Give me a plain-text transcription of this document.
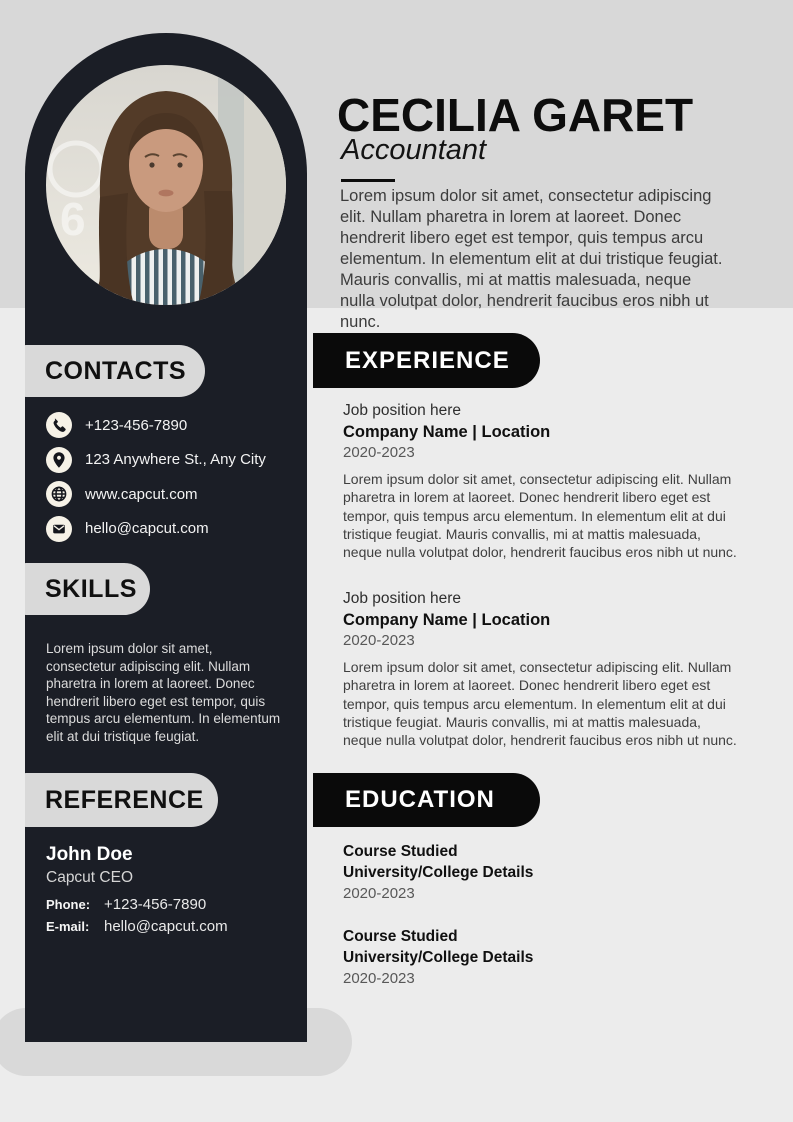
6
CONTACTS
+123-456-7890
123 Anywhere St., Any City
www.capcut.com
hello@capcut.com
SKILLS

Lorem ipsum dolor sit amet, consectetur adipiscing elit. Nullam pharetra in lorem at laoreet. Donec hendrerit libero eget est tempor, quis tempus arcu elementum. In elementum elit at dui tristique feugiat.

REFERENCE
John Doe
Capcut CEO
Phone: +123-456-7890
E-mail: hello@capcut.com
CECILIA GARET
Accountant

Lorem ipsum dolor sit amet, consectetur adipiscing elit. Nullam pharetra in lorem at laoreet. Donec hendrerit libero eget est tempor, quis tempus arcu elementum. In elementum elit at dui tristique feugiat. Mauris convallis, mi at mattis malesuada, neque nulla volutpat dolor, hendrerit faucibus eros nibh ut nunc.

EXPERIENCE
Job position here
Company Name | Location
2020-2023

Lorem ipsum dolor sit amet, consectetur adipiscing elit. Nullam pharetra in lorem at laoreet. Donec hendrerit libero eget est tempor, quis tempus arcu elementum. In elementum elit at dui tristique feugiat. Mauris convallis, mi at mattis malesuada, neque nulla volutpat dolor, hendrerit faucibus eros nibh ut nunc.

Job position here
Company Name | Location
2020-2023

Lorem ipsum dolor sit amet, consectetur adipiscing elit. Nullam pharetra in lorem at laoreet. Donec hendrerit libero eget est tempor, quis tempus arcu elementum. In elementum elit at dui tristique feugiat. Mauris convallis, mi at mattis malesuada, neque nulla volutpat dolor, hendrerit faucibus eros nibh ut nunc.

EDUCATION
Course Studied
University/College Details
2020-2023
Course Studied
University/College Details
2020-2023
